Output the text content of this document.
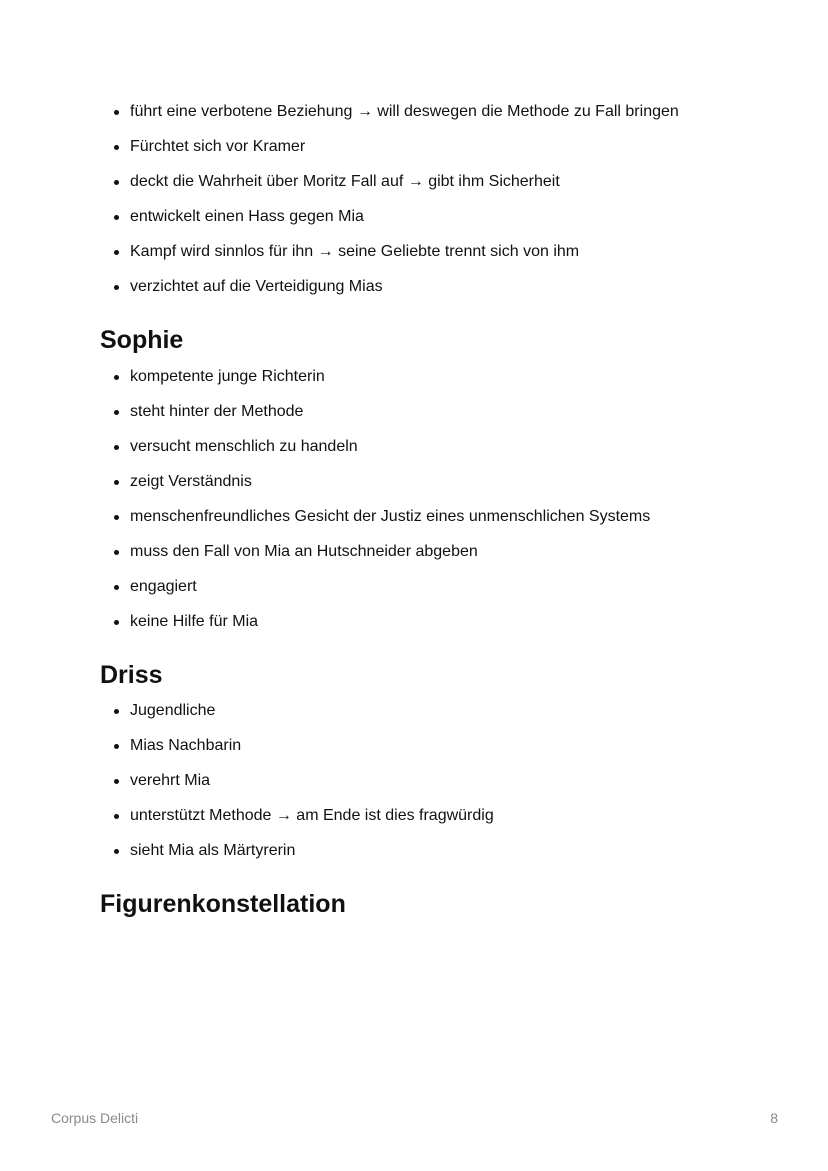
führt eine verbotene Beziehung → will deswegen die Methode zu Fall bringen
Fürchtet sich vor Kramer
deckt die Wahrheit über Moritz Fall auf → gibt ihm Sicherheit
entwickelt einen Hass gegen Mia
Kampf wird sinnlos für ihn → seine Geliebte trennt sich von ihm
verzichtet auf die Verteidigung Mias
Sophie
kompetente junge Richterin
steht hinter der Methode
versucht menschlich zu handeln
zeigt Verständnis
menschenfreundliches Gesicht der Justiz eines unmenschlichen Systems
muss den Fall von Mia an Hutschneider abgeben
engagiert
keine Hilfe für Mia
Driss
Jugendliche
Mias Nachbarin
verehrt Mia
unterstützt Methode → am Ende ist dies fragwürdig
sieht Mia als Märtyrerin
Figurenkonstellation
Corpus Delicti	8
